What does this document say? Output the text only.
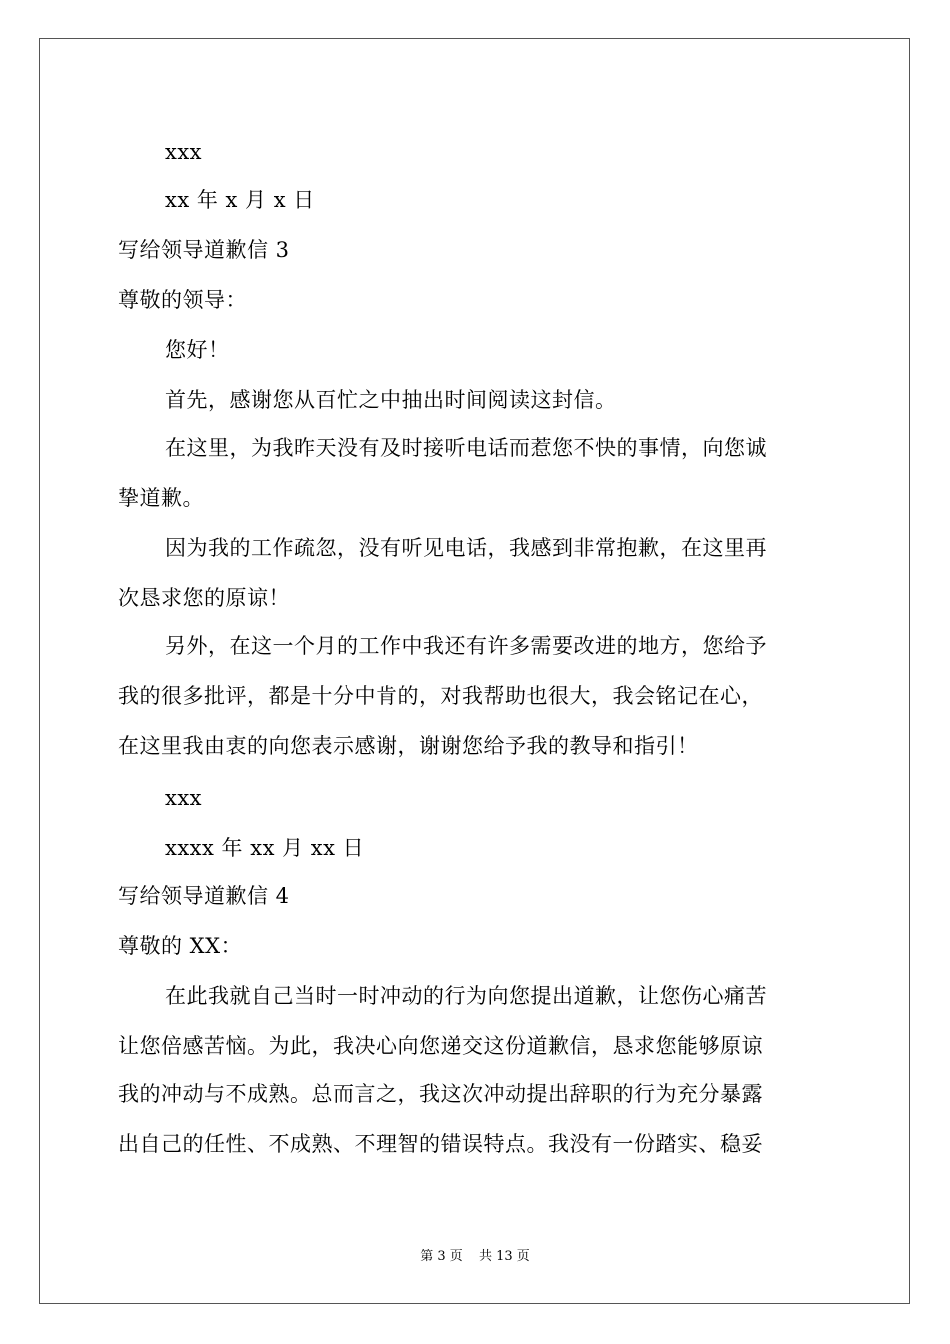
xxx
xx 年 x 月 x 日
写给领导道歉信 3
尊敬的领导：
您好！
首先，感谢您从百忙之中抽出时间阅读这封信。
在这里，为我昨天没有及时接听电话而惹您不快的事情，向您诚
挚道歉。
因为我的工作疏忽，没有听见电话，我感到非常抱歉，在这里再
次恳求您的原谅！
另外，在这一个月的工作中我还有许多需要改进的地方，您给予
我的很多批评，都是十分中肯的，对我帮助也很大，我会铭记在心，
在这里我由衷的向您表示感谢，谢谢您给予我的教导和指引！
xxx
xxxx 年 xx 月 xx 日
写给领导道歉信 4
尊敬的 XX：
在此我就自己当时一时冲动的行为向您提出道歉，让您伤心痛苦
让您倍感苦恼。为此，我决心向您递交这份道歉信，恳求您能够原谅
我的冲动与不成熟。总而言之，我这次冲动提出辞职的行为充分暴露
出自己的任性、不成熟、不理智的错误特点。我没有一份踏实、稳妥
第 3 页 共 13 页
